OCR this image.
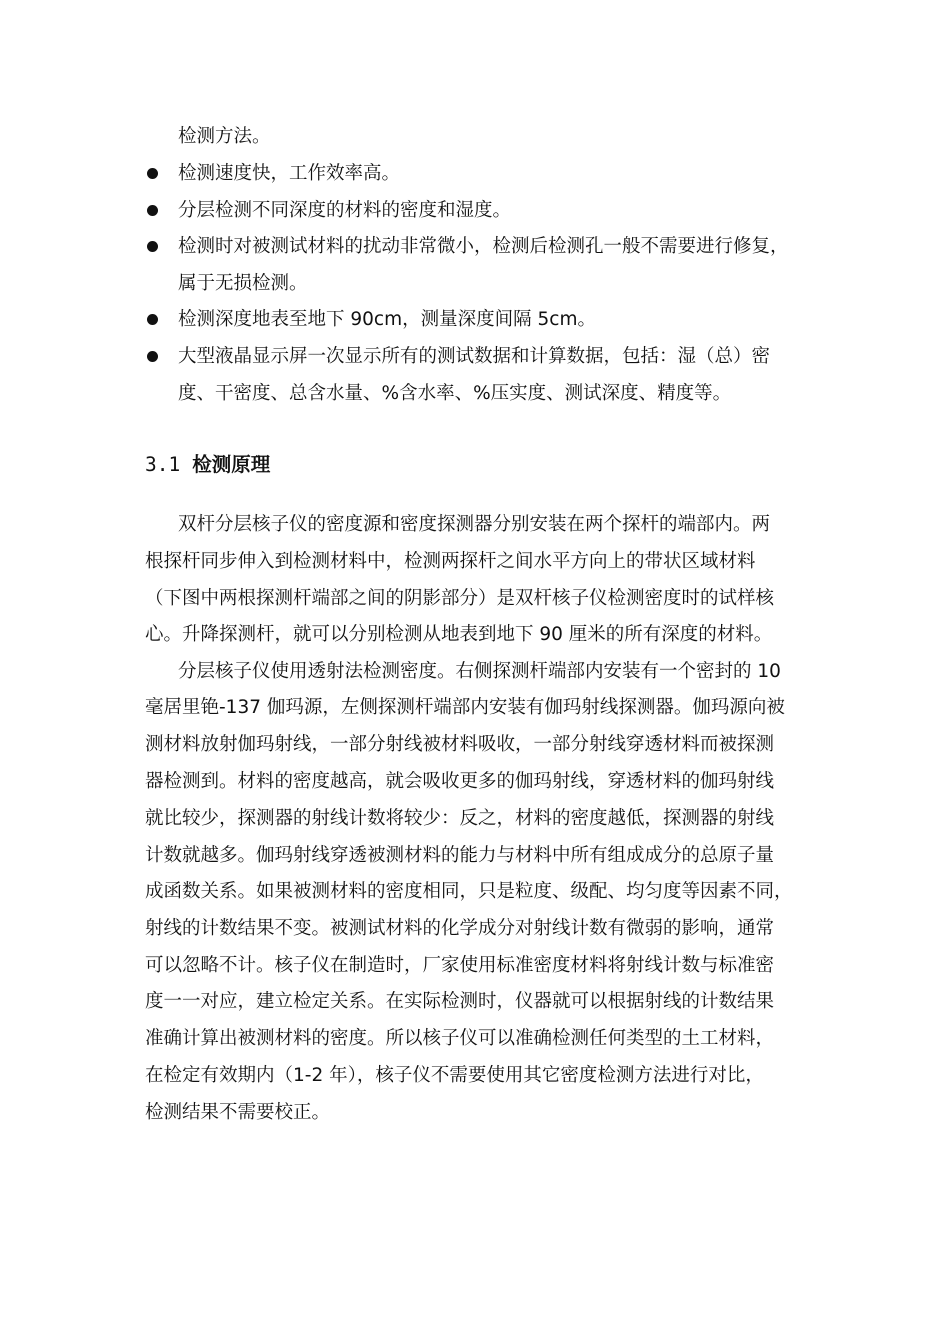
检测方法。
检测速度快，工作效率高。
分层检测不同深度的材料的密度和湿度。
检测时对被测试材料的扰动非常微小，检测后检测孔一般不需要进行修复，
属于无损检测。
检测深度地表至地下 90cm，测量深度间隔 5cm。
大型液晶显示屏一次显示所有的测试数据和计算数据，包括：湿（总）密
度、干密度、总含水量、%含水率、%压实度、测试深度、精度等。
3.1 检测原理
双杆分层核子仪的密度源和密度探测器分别安装在两个探杆的端部内。两
根探杆同步伸入到检测材料中，检测两探杆之间水平方向上的带状区域材料
（下图中两根探测杆端部之间的阴影部分）是双杆核子仪检测密度时的试样核
心。升降探测杆，就可以分别检测从地表到地下 90 厘米的所有深度的材料。
分层核子仪使用透射法检测密度。右侧探测杆端部内安装有一个密封的 10
毫居里铯-137 伽玛源，左侧探测杆端部内安装有伽玛射线探测器。伽玛源向被
测材料放射伽玛射线，一部分射线被材料吸收，一部分射线穿透材料而被探测
器检测到。材料的密度越高，就会吸收更多的伽玛射线，穿透材料的伽玛射线
就比较少，探测器的射线计数将较少：反之，材料的密度越低，探测器的射线
计数就越多。伽玛射线穿透被测材料的能力与材料中所有组成成分的总原子量
成函数关系。如果被测材料的密度相同，只是粒度、级配、均匀度等因素不同，
射线的计数结果不变。被测试材料的化学成分对射线计数有微弱的影响，通常
可以忽略不计。核子仪在制造时，厂家使用标准密度材料将射线计数与标准密
度一一对应，建立检定关系。在实际检测时，仪器就可以根据射线的计数结果
准确计算出被测材料的密度。所以核子仪可以准确检测任何类型的土工材料，
在检定有效期内（1-2 年），核子仪不需要使用其它密度检测方法进行对比，
检测结果不需要校正。
